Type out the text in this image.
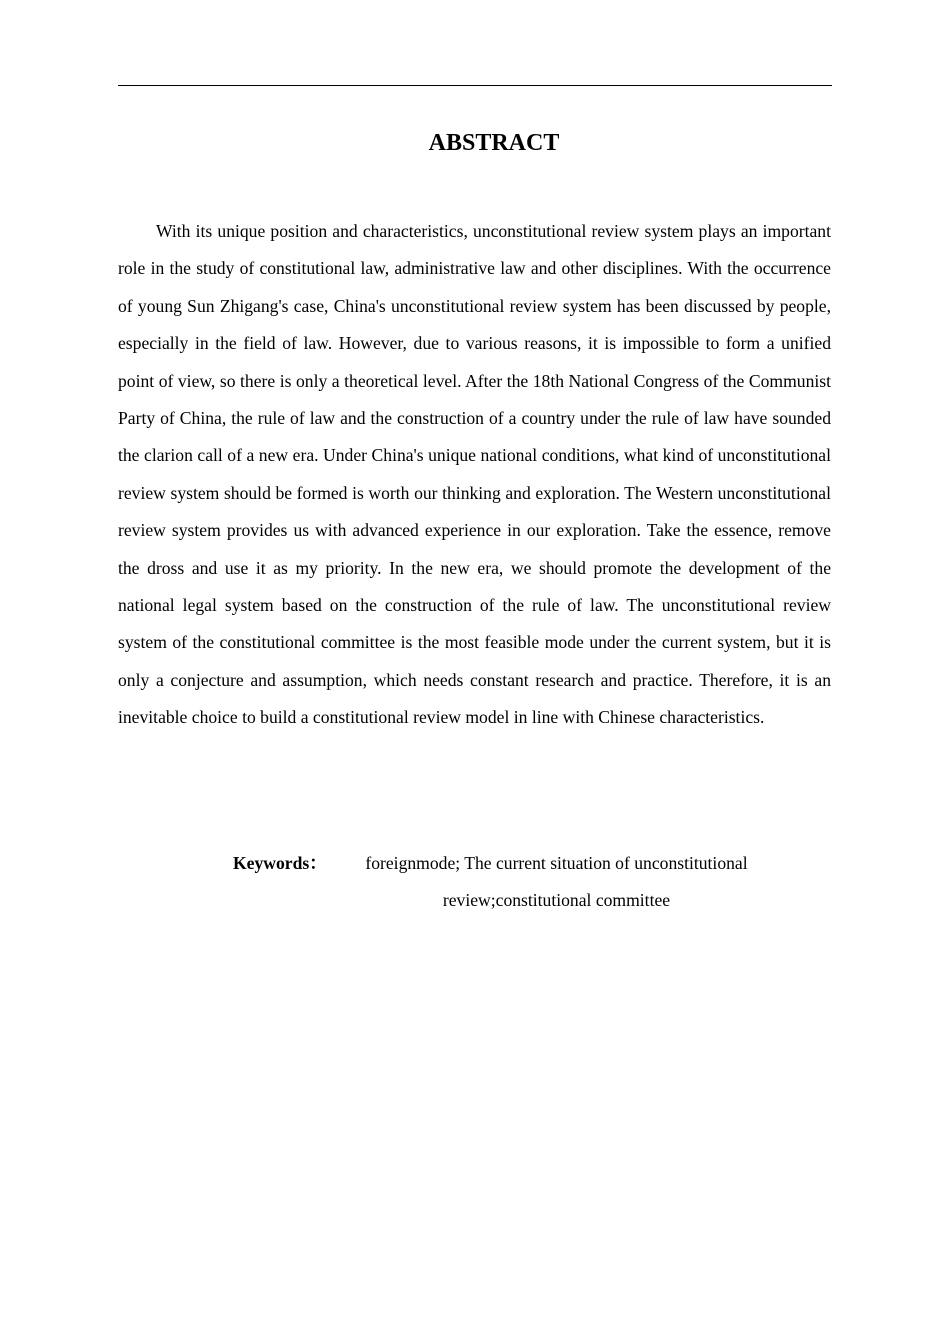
ABSTRACT

With its unique position and characteristics, unconstitutional review system plays an important role in the study of constitutional law, administrative law and other disciplines. With the occurrence of young Sun Zhigang's case, China's unconstitutional review system has been discussed by people, especially in the field of law. However, due to various reasons, it is impossible to form a unified point of view, so there is only a theoretical level. After the 18th National Congress of the Communist Party of China, the rule of law and the construction of a country under the rule of law have sounded the clarion call of a new era. Under China's unique national conditions, what kind of unconstitutional review system should be formed is worth our thinking and exploration. The Western unconstitutional review system provides us with advanced experience in our exploration. Take the essence, remove the dross and use it as my priority. In the new era, we should promote the development of the national legal system based on the construction of the rule of law. The unconstitutional review system of the constitutional committee is the most feasible mode under the current system, but it is only a conjecture and assumption, which needs constant research and practice. Therefore, it is an inevitable choice to build a constitutional review model in line with Chinese characteristics.

Keywords：	foreignmode; The current situation of unconstitutional review;constitutional committee
